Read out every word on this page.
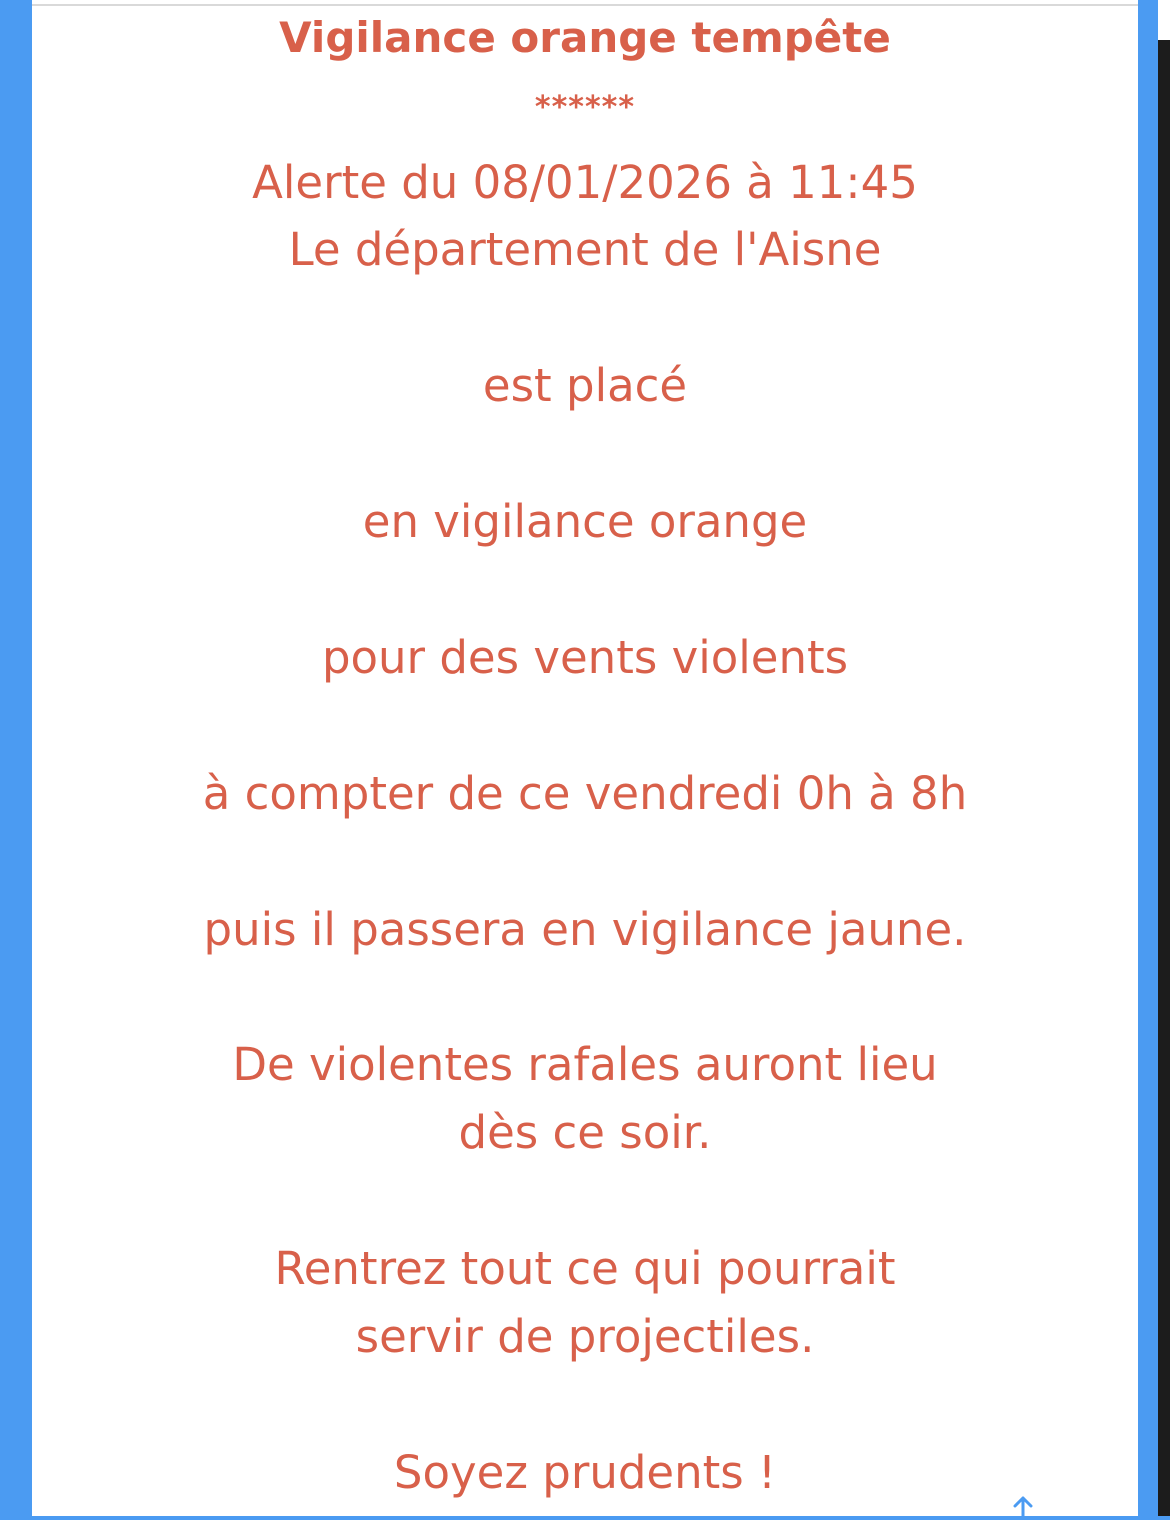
Vigilance orange tempête
******
Alerte du 08/01/2026 à 11:45
Le département de l'Aisne
est placé
en vigilance orange
pour des vents violents
à compter de ce vendredi 0h à 8h
puis il passera en vigilance jaune.
De violentes rafales auront lieu
dès ce soir.
Rentrez tout ce qui pourrait
servir de projectiles.
Soyez prudents !
